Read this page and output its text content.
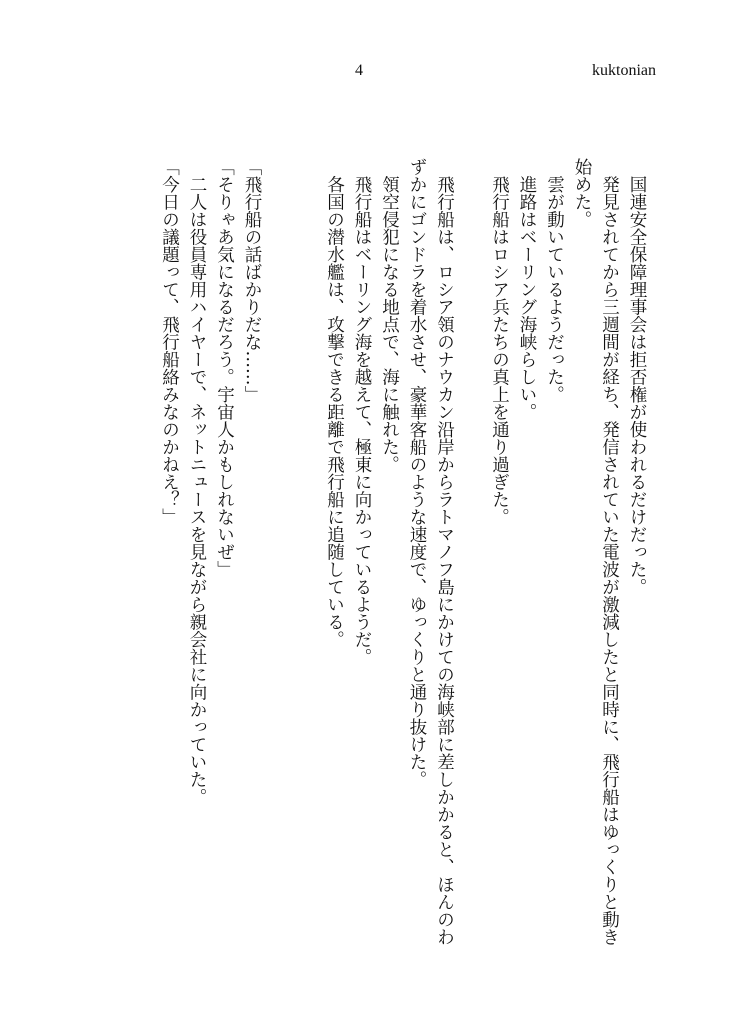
4	kuktonian
　国連安全保障理事会は拒否権が使われるだけだった。
　発見されてから三週間が経ち、発信されていた電波が激減したと同時に、飛行船はゆっくりと動き
始めた。
　雲が動いているようだった。
　進路はベーリング海峡らしい。
　飛行船はロシア兵たちの真上を通り過ぎた。

　飛行船は、ロシア領のナウカン沿岸からラトマノフ島にかけての海峡部に差しかかると、ほんのわ
ずかにゴンドラを着水させ、豪華客船のような速度で、ゆっくりと通り抜けた。
　領空侵犯になる地点で、海に触れた。
　飛行船はベーリング海を越えて、極東に向かっているようだ。
　各国の潜水艦は、攻撃できる距離で飛行船に追随している。

「飛行船の話ばかりだな……」
「そりゃあ気になるだろう。宇宙人かもしれないぜ」
　二人は役員専用ハイヤーで、ネットニュースを見ながら親会社に向かっていた。
「今日の議題って、飛行船絡みなのかねえ？」
